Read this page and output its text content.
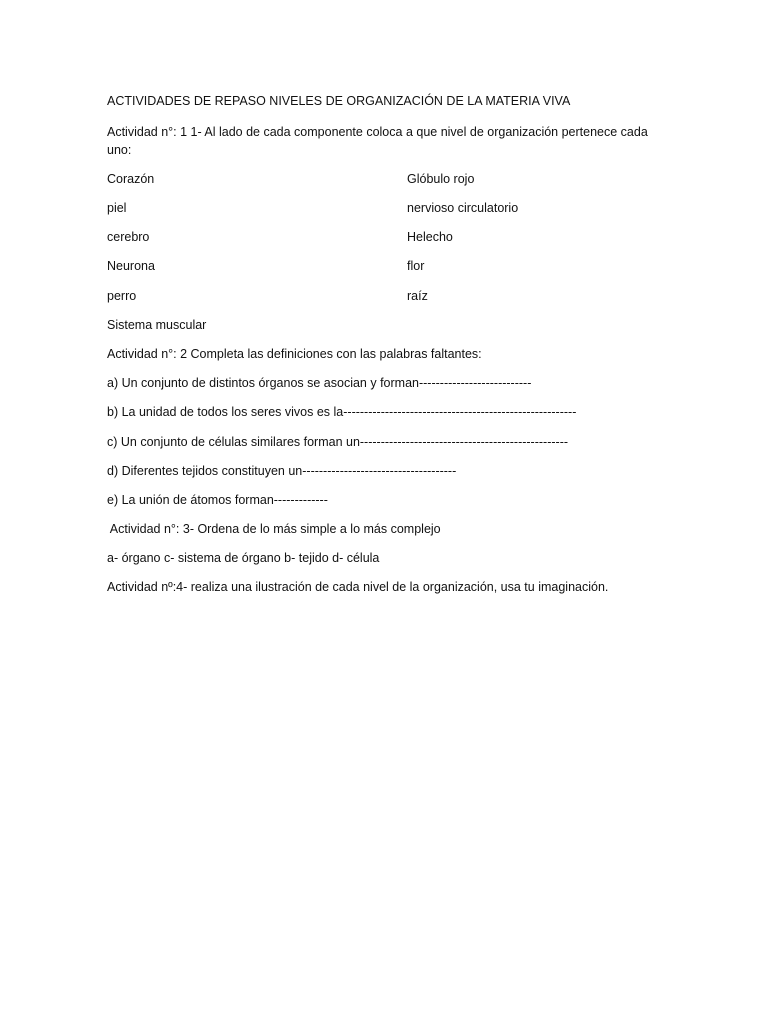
ACTIVIDADES DE REPASO NIVELES DE ORGANIZACIÓN DE LA MATERIA VIVA

Actividad n°: 1 1- Al lado de cada componente coloca a que nivel de organización pertenece cada uno:

Corazón	Glóbulo rojo
piel	nervioso circulatorio
cerebro	Helecho
Neurona	flor
perro	raíz
Sistema muscular

Actividad n°: 2 Completa las definiciones con las palabras faltantes:

a) Un conjunto de distintos órganos se asocian y forman---------------------------

b) La unidad de todos los seres vivos es la--------------------------------------------------------

c) Un conjunto de células similares forman un--------------------------------------------------

d) Diferentes tejidos constituyen un-------------------------------------

e) La unión de átomos forman-------------

Actividad n°: 3- Ordena de lo más simple a lo más complejo

a- órgano c- sistema de órgano b- tejido d- célula

Actividad nº:4- realiza una ilustración de cada nivel de la organización, usa tu imaginación.
